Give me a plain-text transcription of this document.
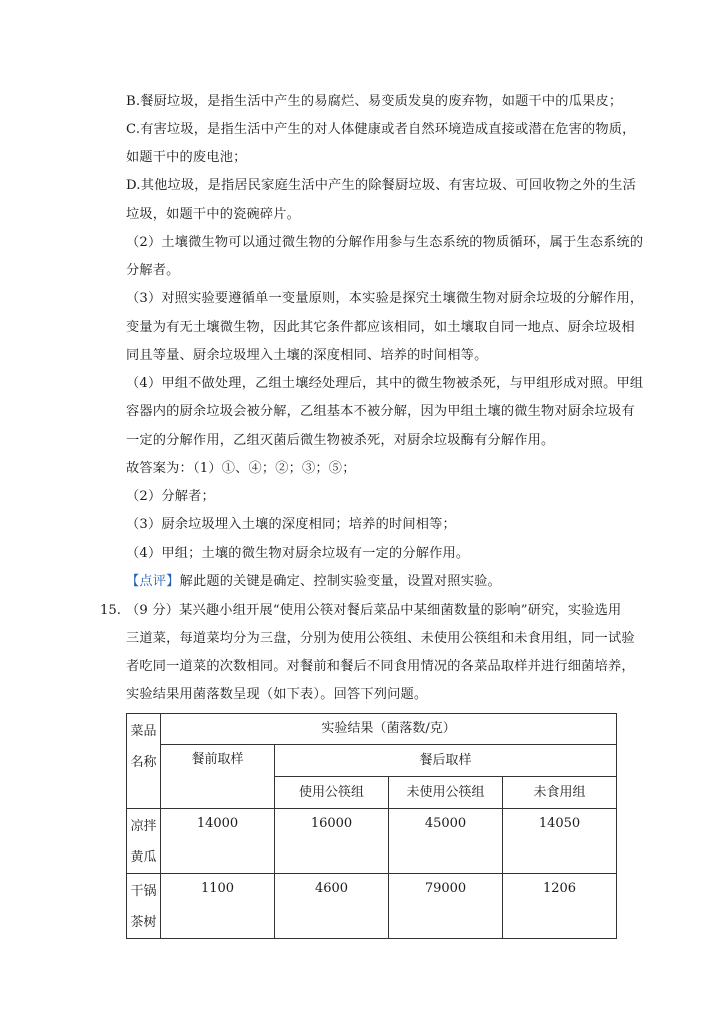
B.餐厨垃圾，是指生活中产生的易腐烂、易变质发臭的废弃物，如题干中的瓜果皮；
C.有害垃圾，是指生活中产生的对人体健康或者自然环境造成直接或潜在危害的物质，
如题干中的废电池；
D.其他垃圾，是指居民家庭生活中产生的除餐厨垃圾、有害垃圾、可回收物之外的生活
垃圾，如题干中的瓷碗碎片。
（2）土壤微生物可以通过微生物的分解作用参与生态系统的物质循环，属于生态系统的
分解者。
（3）对照实验要遵循单一变量原则，本实验是探究土壤微生物对厨余垃圾的分解作用，
变量为有无土壤微生物，因此其它条件都应该相同，如土壤取自同一地点、厨余垃圾相
同且等量、厨余垃圾埋入土壤的深度相同、培养的时间相等。
（4）甲组不做处理，乙组土壤经处理后，其中的微生物被杀死，与甲组形成对照。甲组
容器内的厨余垃圾会被分解，乙组基本不被分解，因为甲组土壤的微生物对厨余垃圾有
一定的分解作用，乙组灭菌后微生物被杀死，对厨余垃圾酶有分解作用。
故答案为：（1）①、④；②；③；⑤；
（2）分解者；
（3）厨余垃圾埋入土壤的深度相同；培养的时间相等；
（4）甲组；土壤的微生物对厨余垃圾有一定的分解作用。
【点评】解此题的关键是确定、控制实验变量，设置对照实验。
15. （9 分）某兴趣小组开展“使用公筷对餐后菜品中某细菌数量的影响”研究，实验选用
三道菜，每道菜均分为三盘，分别为使用公筷组、未使用公筷组和未食用组，同一试验
者吃同一道菜的次数相同。对餐前和餐后不同食用情况的各菜品取样并进行细菌培养，
实验结果用菌落数呈现（如下表）。回答下列问题。
菜品
名称	实验结果（菌落数/克）			
	餐前取样	餐后取样		
		使用公筷组	未使用公筷组	未食用组

凉拌
黄瓜	14000	16000	45000	14050

干锅
茶树	1100	4600	79000	1206
